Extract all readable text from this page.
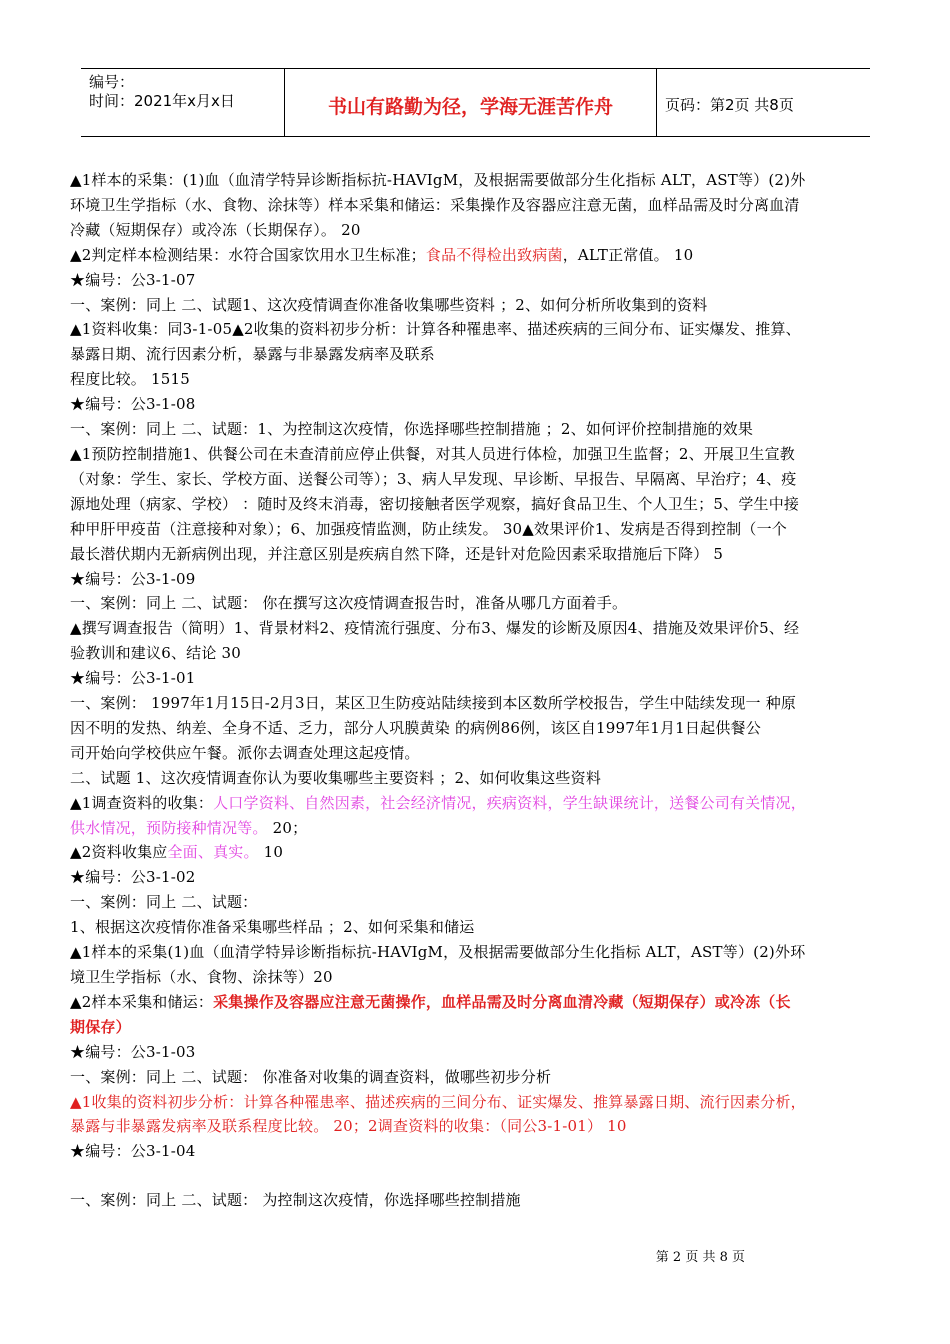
编号：
时间：2021年x月x日	书山有路勤为径，学海无涯苦作舟	页码：第2页 共8页

▲1样本的采集：(1)血（血清学特异诊断指标抗-HAVIgM，及根据需要做部分生化指标 ALT，AST等）(2)外

环境卫生学指标（水、食物、涂抹等）样本采集和储运：采集操作及容器应注意无菌，血样品需及时分离血清

冷藏（短期保存）或冷冻（长期保存）。 20

▲2判定样本检测结果：水符合国家饮用水卫生标准；食品不得检出致病菌，ALT正常值。 10

★编号：公3-1-07

一、案例：同上 二、试题1、这次疫情调查你准备收集哪些资料 ；2、如何分析所收集到的资料

▲1资料收集：同3-1-05▲2收集的资料初步分析：计算各种罹患率、描述疾病的三间分布、证实爆发、推算、

暴露日期、流行因素分析，暴露与非暴露发病率及联系

程度比较。 1515

★编号：公3-1-08

一、案例：同上 二、试题：1、为控制这次疫情，你选择哪些控制措施 ；2、如何评价控制措施的效果

▲1预防控制措施1、供餐公司在未查清前应停止供餐，对其人员进行体检，加强卫生监督；2、开展卫生宣教

（对象：学生、家长、学校方面、送餐公司等）；3、病人早发现、早诊断、早报告、早隔离、早治疗；4、疫

源地处理（病家、学校） ：随时及终末消毒，密切接触者医学观察，搞好食品卫生、个人卫生；5、学生中接

种甲肝甲疫苗（注意接种对象）；6、加强疫情监测，防止续发。 30▲效果评价1、发病是否得到控制（一个

最长潜伏期内无新病例出现，并注意区别是疾病自然下降，还是针对危险因素采取措施后下降） 5

★编号：公3-1-09

一、案例：同上 二、试题： 你在撰写这次疫情调查报告时，准备从哪几方面着手。

▲撰写调查报告（简明）1、背景材料2、疫情流行强度、分布3、爆发的诊断及原因4、措施及效果评价5、经

验教训和建议6、结论 30

★编号：公3-1-01

一、案例： 1997年1月15日-2月3日，某区卫生防疫站陆续接到本区数所学校报告，学生中陆续发现一 种原

因不明的发热、纳差、全身不适、乏力，部分人巩膜黄染 的病例86例，该区自1997年1月1日起供餐公

司开始向学校供应午餐。派你去调查处理这起疫情。

二、试题 1、这次疫情调查你认为要收集哪些主要资料 ；2、如何收集这些资料

▲1调查资料的收集：人口学资料、自然因素，社会经济情况，疾病资料，学生缺课统计，送餐公司有关情况，

供水情况，预防接种情况等。 20；

▲2资料收集应全面、真实。 10

★编号：公3-1-02

一、案例：同上 二、试题：

1、根据这次疫情你准备采集哪些样品 ；2、如何采集和储运

▲1样本的采集(1)血（血清学特异诊断指标抗-HAVIgM，及根据需要做部分生化指标 ALT，AST等）(2)外环

境卫生学指标（水、食物、涂抹等）20

▲2样本采集和储运：采集操作及容器应注意无菌操作，血样品需及时分离血清冷藏（短期保存）或冷冻（长

期保存）

★编号：公3-1-03

一、案例：同上 二、试题： 你准备对收集的调查资料，做哪些初步分析

▲1收集的资料初步分析：计算各种罹患率、描述疾病的三间分布、证实爆发、推算暴露日期、流行因素分析，

暴露与非暴露发病率及联系程度比较。 20；2调查资料的收集：（同公3-1-01） 10

★编号：公3-1-04

一、案例：同上 二、试题： 为控制这次疫情，你选择哪些控制措施

第 2 页 共 8 页
